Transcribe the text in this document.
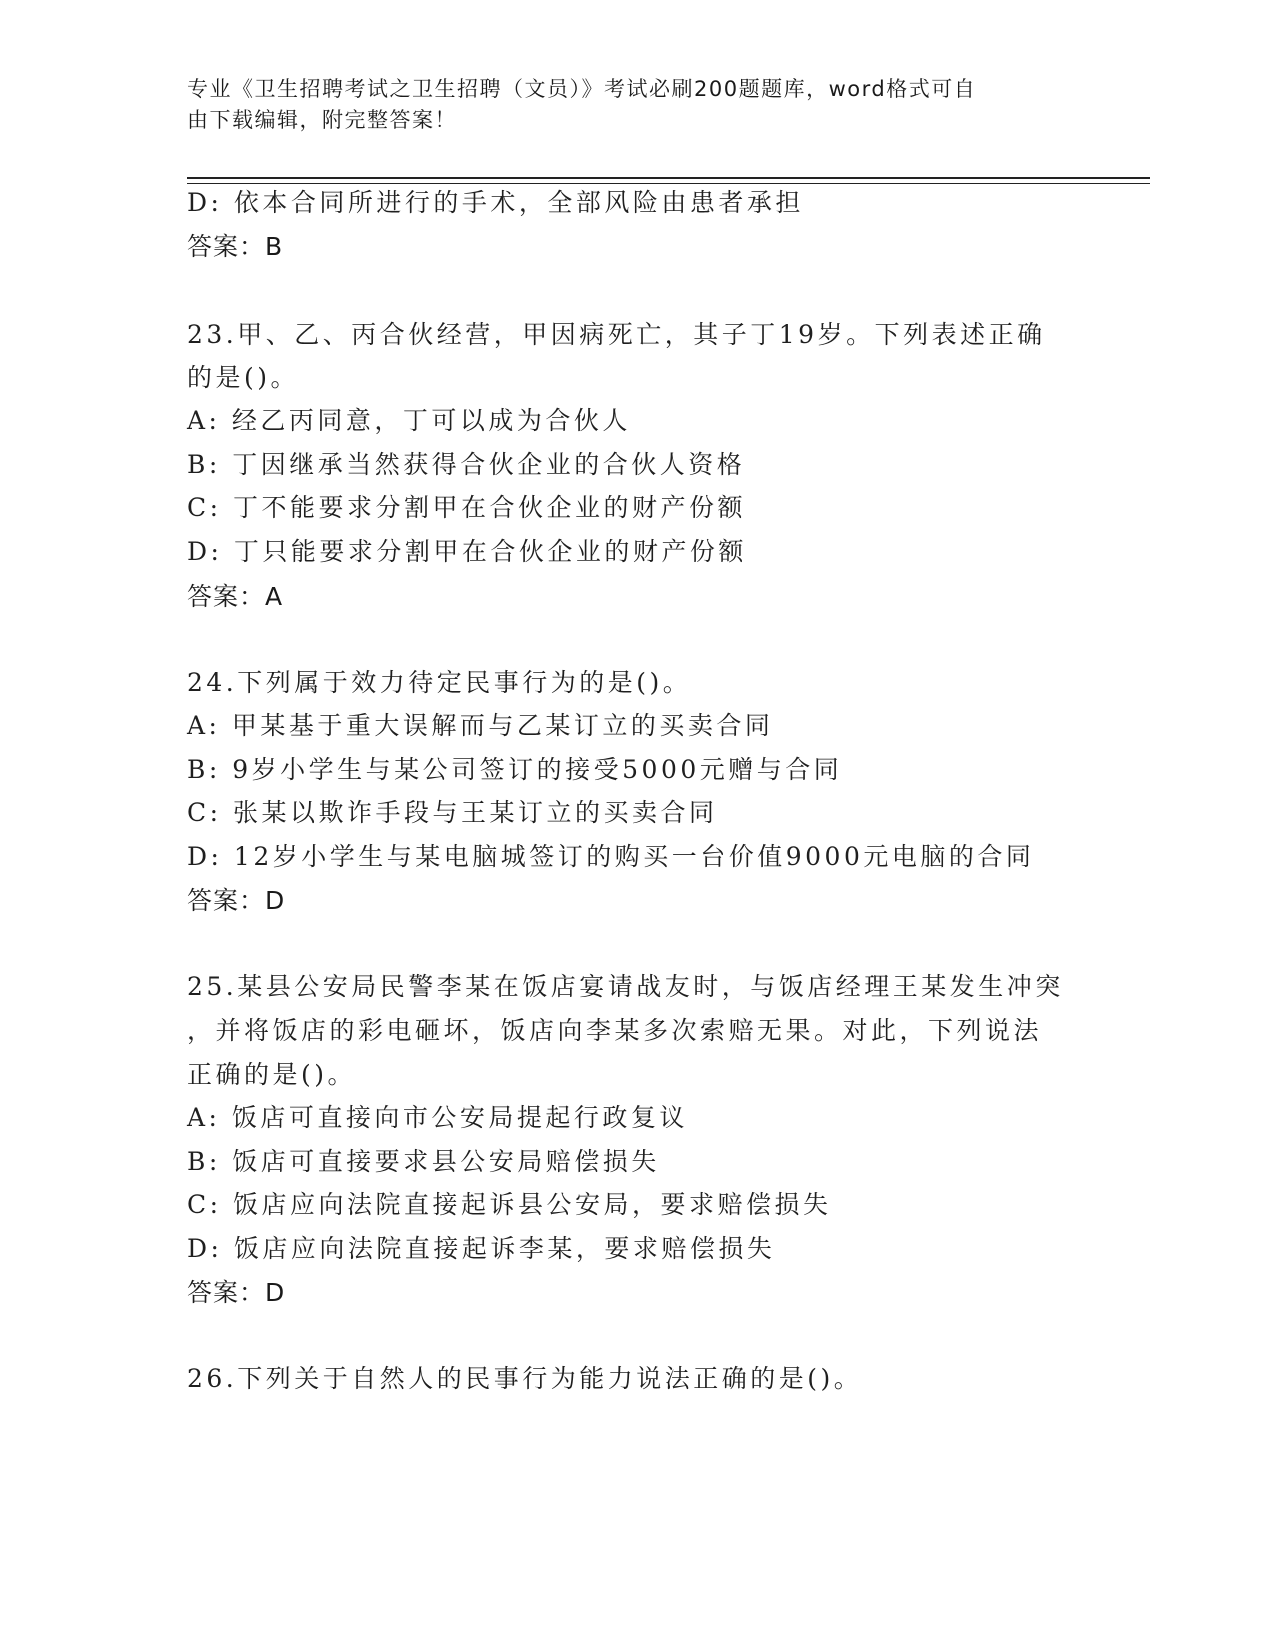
专业《卫生招聘考试之卫生招聘（文员）》考试必刷200题题库，word格式可自
由下载编辑，附完整答案！
D: 依本合同所进行的手术，全部风险由患者承担
答案：B
23.甲、乙、丙合伙经营，甲因病死亡，其子丁19岁。下列表述正确
的是()。
A: 经乙丙同意，丁可以成为合伙人
B: 丁因继承当然获得合伙企业的合伙人资格
C: 丁不能要求分割甲在合伙企业的财产份额
D: 丁只能要求分割甲在合伙企业的财产份额
答案：A
24.下列属于效力待定民事行为的是()。
A: 甲某基于重大误解而与乙某订立的买卖合同
B: 9岁小学生与某公司签订的接受5000元赠与合同
C: 张某以欺诈手段与王某订立的买卖合同
D: 12岁小学生与某电脑城签订的购买一台价值9000元电脑的合同
答案：D
25.某县公安局民警李某在饭店宴请战友时，与饭店经理王某发生冲突
，并将饭店的彩电砸坏，饭店向李某多次索赔无果。对此，下列说法
正确的是()。
A: 饭店可直接向市公安局提起行政复议
B: 饭店可直接要求县公安局赔偿损失
C: 饭店应向法院直接起诉县公安局，要求赔偿损失
D: 饭店应向法院直接起诉李某，要求赔偿损失
答案：D
26.下列关于自然人的民事行为能力说法正确的是()。
